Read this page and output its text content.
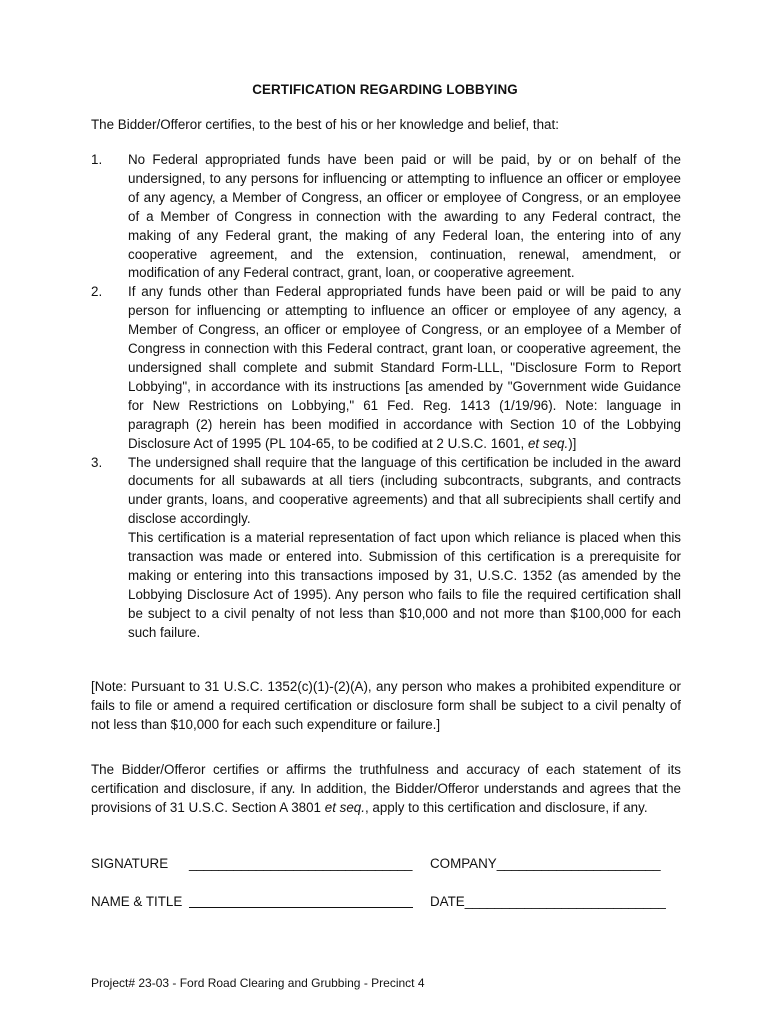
CERTIFICATION REGARDING LOBBYING
The Bidder/Offeror certifies, to the best of his or her knowledge and belief, that:
1. No Federal appropriated funds have been paid or will be paid, by or on behalf of the undersigned, to any persons for influencing or attempting to influence an officer or employee of any agency, a Member of Congress, an officer or employee of Congress, or an employee of a Member of Congress in connection with the awarding to any Federal contract, the making of any Federal grant, the making of any Federal loan, the entering into of any cooperative agreement, and the extension, continuation, renewal, amendment, or modification of any Federal contract, grant, loan, or cooperative agreement.
2. If any funds other than Federal appropriated funds have been paid or will be paid to any person for influencing or attempting to influence an officer or employee of any agency, a Member of Congress, an officer or employee of Congress, or an employee of a Member of Congress in connection with this Federal contract, grant loan, or cooperative agreement, the undersigned shall complete and submit Standard Form-LLL, "Disclosure Form to Report Lobbying", in accordance with its instructions [as amended by "Government wide Guidance for New Restrictions on Lobbying," 61 Fed. Reg. 1413 (1/19/96). Note: language in paragraph (2) herein has been modified in accordance with Section 10 of the Lobbying Disclosure Act of 1995 (PL 104-65, to be codified at 2 U.S.C. 1601, et seq.)]
3. The undersigned shall require that the language of this certification be included in the award documents for all subawards at all tiers (including subcontracts, subgrants, and contracts under grants, loans, and cooperative agreements) and that all subrecipients shall certify and disclose accordingly.
This certification is a material representation of fact upon which reliance is placed when this transaction was made or entered into. Submission of this certification is a prerequisite for making or entering into this transactions imposed by 31, U.S.C. 1352 (as amended by the Lobbying Disclosure Act of 1995). Any person who fails to file the required certification shall be subject to a civil penalty of not less than $10,000 and not more than $100,000 for each such failure.
[Note: Pursuant to 31 U.S.C. 1352(c)(1)-(2)(A), any person who makes a prohibited expenditure or fails to file or amend a required certification or disclosure form shall be subject to a civil penalty of not less than $10,000 for each such expenditure or failure.]
The Bidder/Offeror certifies or affirms the truthfulness and accuracy of each statement of its certification and disclosure, if any. In addition, the Bidder/Offeror understands and agrees that the provisions of 31 U.S.C. Section A 3801 et seq., apply to this certification and disclosure, if any.
SIGNATURE ______________________________ COMPANY______________________
NAME & TITLE	DATE___________________________
Project# 23-03 - Ford Road Clearing and Grubbing - Precinct 4
